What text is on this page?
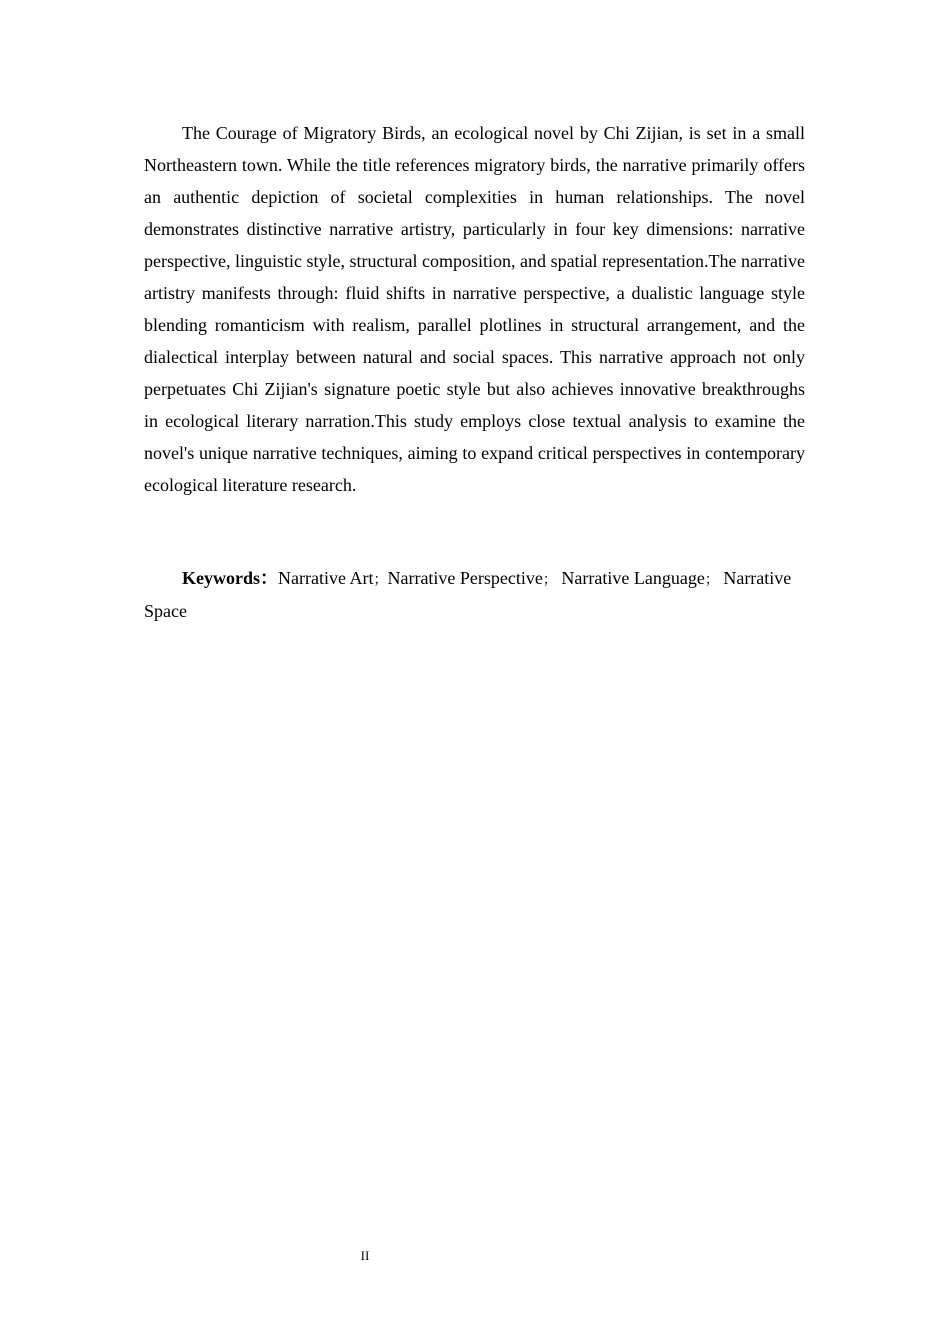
The Courage of Migratory Birds, an ecological novel by Chi Zijian, is set in a small Northeastern town. While the title references migratory birds, the narrative primarily offers an authentic depiction of societal complexities in human relationships. The novel demonstrates distinctive narrative artistry, particularly in four key dimensions: narrative perspective, linguistic style, structural composition, and spatial representation.The narrative artistry manifests through: fluid shifts in narrative perspective, a dualistic language style blending romanticism with realism, parallel plotlines in structural arrangement, and the dialectical interplay between natural and social spaces. This narrative approach not only perpetuates Chi Zijian's signature poetic style but also achieves innovative breakthroughs in ecological literary narration.This study employs close textual analysis to examine the novel's unique narrative techniques, aiming to expand critical perspectives in contemporary ecological literature research.

Keywords：Narrative Art；Narrative Perspective； Narrative Language； Narrative Space

II
